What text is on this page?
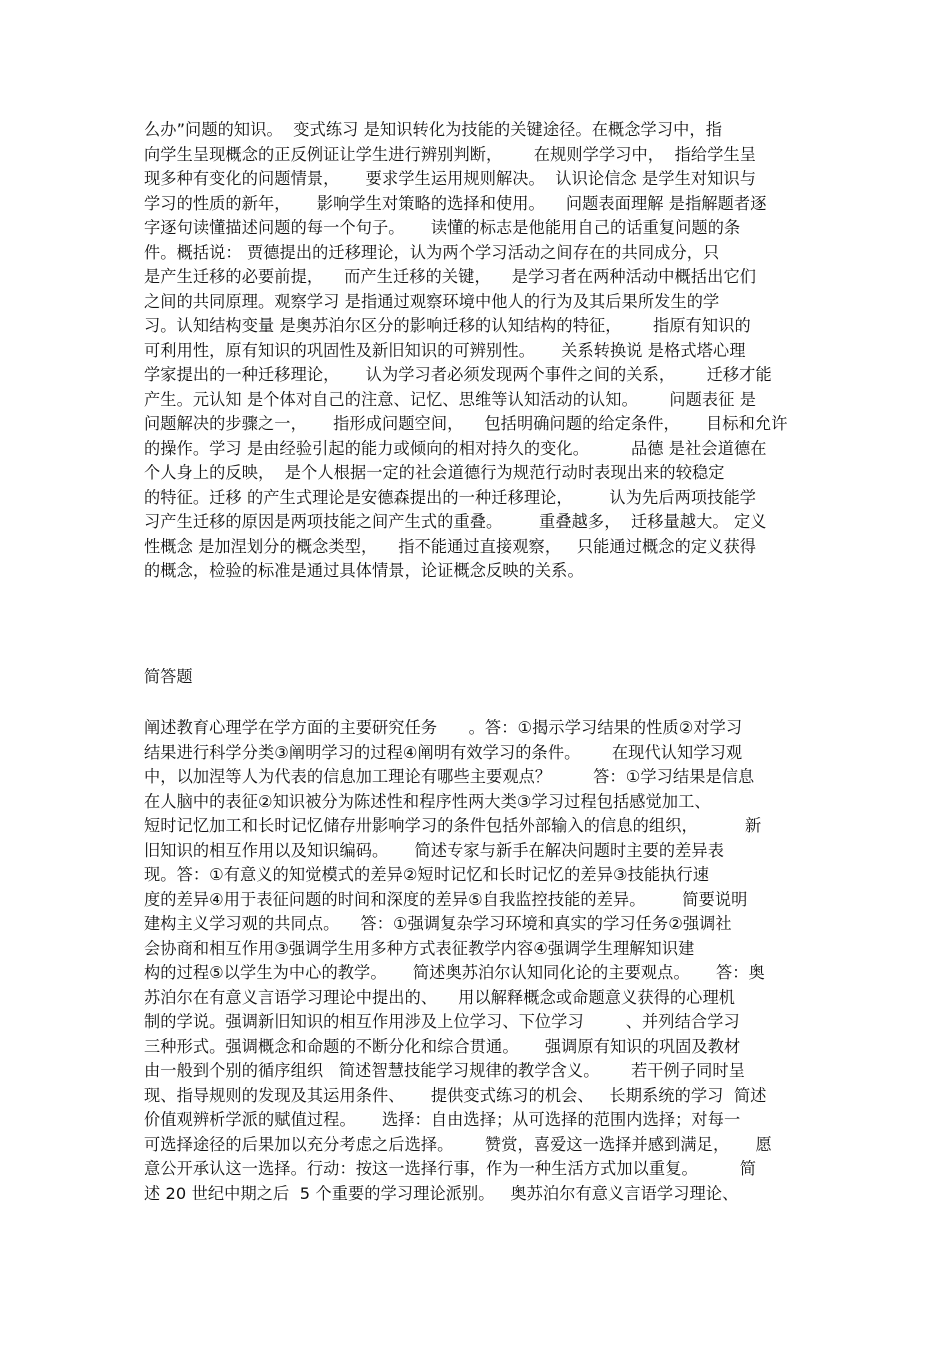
么办”问题的知识。  变式练习 是知识转化为技能的关键途径。在概念学习中，指
向学生呈现概念的正反例证让学生进行辨别判断，      在规则学学习中，  指给学生呈
现多种有变化的问题情景，     要求学生运用规则解决。  认识论信念 是学生对知识与
学习的性质的新年，     影响学生对策略的选择和使用。    问题表面理解 是指解题者逐
字逐句读懂描述问题的每一个句子。     读懂的标志是他能用自己的话重复问题的条
件。概括说： 贾德提出的迁移理论，认为两个学习活动之间存在的共同成分，只
是产生迁移的必要前提，    而产生迁移的关键，    是学习者在两种活动中概括出它们
之间的共同原理。观察学习 是指通过观察环境中他人的行为及其后果所发生的学
习。认知结构变量 是奥苏泊尔区分的影响迁移的认知结构的特征，      指原有知识的
可利用性，原有知识的巩固性及新旧知识的可辨别性。     关系转换说 是格式塔心理
学家提出的一种迁移理论，     认为学习者必须发现两个事件之间的关系，      迁移才能
产生。元认知 是个体对自己的注意、记忆、思维等认知活动的认知。      问题表征 是
问题解决的步骤之一，     指形成问题空间，    包括明确问题的给定条件，     目标和允许
的操作。学习 是由经验引起的能力或倾向的相对持久的变化。        品德 是社会道德在
个人身上的反映，  是个人根据一定的社会道德行为规范行动时表现出来的较稳定
的特征。迁移 的产生式理论是安德森提出的一种迁移理论，       认为先后两项技能学
习产生迁移的原因是两项技能之间产生式的重叠。       重叠越多，  迁移量越大。 定义
性概念 是加涅划分的概念类型，    指不能通过直接观察，   只能通过概念的定义获得
的概念，检验的标准是通过具体情景，论证概念反映的关系。
简答题
阐述教育心理学在学方面的主要研究任务      。答：①揭示学习结果的性质②对学习
结果进行科学分类③阐明学习的过程④阐明有效学习的条件。      在现代认知学习观
中，以加涅等人为代表的信息加工理论有哪些主要观点？        答：①学习结果是信息
在人脑中的表征②知识被分为陈述性和程序性两大类③学习过程包括感觉加工、
短时记忆加工和长时记忆储存卅影响学习的条件包括外部输入的信息的组织，         新
旧知识的相互作用以及知识编码。     简述专家与新手在解决问题时主要的差异表
现。答：①有意义的知觉模式的差异②短时记忆和长时记忆的差异③技能执行速
度的差异④用于表征问题的时间和深度的差异⑤自我监控技能的差异。       简要说明
建构主义学习观的共同点。    答：①强调复杂学习环境和真实的学习任务②强调社
会协商和相互作用③强调学生用多种方式表征教学内容④强调学生理解知识建
构的过程⑤以学生为中心的教学。     简述奥苏泊尔认知同化论的主要观点。     答：奥
苏泊尔在有意义言语学习理论中提出的、    用以解释概念或命题意义获得的心理机
制的学说。强调新旧知识的相互作用涉及上位学习、下位学习        、并列结合学习
三种形式。强调概念和命题的不断分化和综合贯通。     强调原有知识的巩固及教材
由一般到个别的循序组织   简述智慧技能学习规律的教学含义。      若干例子同时呈
现、指导规则的发现及其运用条件、     提供变式练习的机会、   长期系统的学习  简述
价值观辨析学派的赋值过程。     选择：自由选择；从可选择的范围内选择；对每一
可选择途径的后果加以充分考虑之后选择。      赞赏，喜爱这一选择并感到满足，     愿
意公开承认这一选择。行动：按这一选择行事，作为一种生活方式加以重复。        简
述 20 世纪中期之后  5 个重要的学习理论派别。   奥苏泊尔有意义言语学习理论、
